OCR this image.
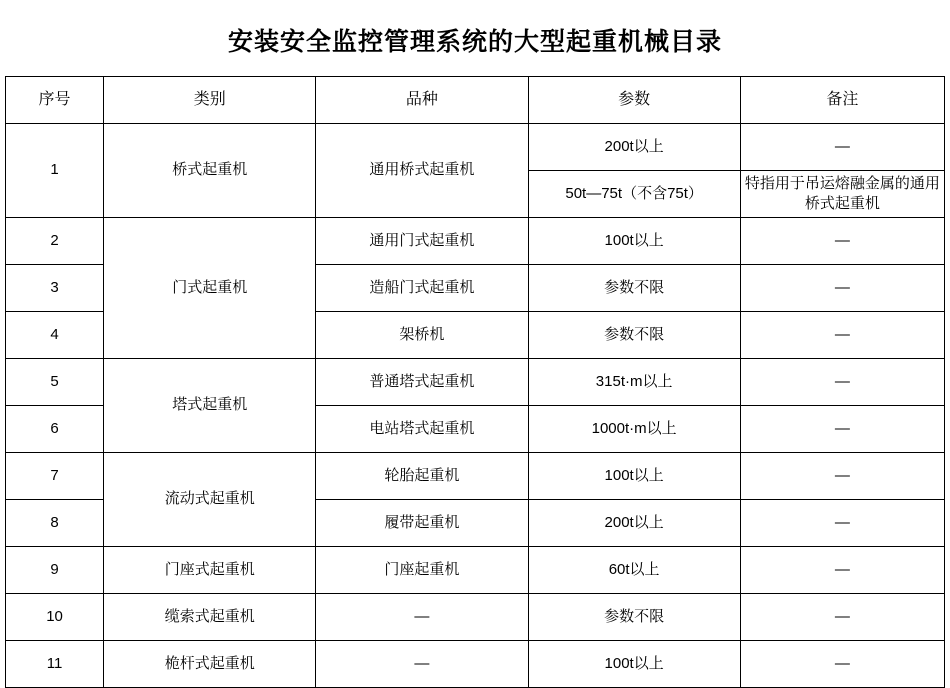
安装安全监控管理系统的大型起重机械目录
序号	类别	品种	参数	备注
1	桥式起重机	通用桥式起重机	200t以上	—
			50t—75t（不含75t）	特指用于吊运熔融金属的通用桥式起重机
2	门式起重机	通用门式起重机	100t以上	—
3		造船门式起重机	参数不限	—
4		架桥机	参数不限	—
5	塔式起重机	普通塔式起重机	315t·m以上	—
6		电站塔式起重机	1000t·m以上	—
7	流动式起重机	轮胎起重机	100t以上	—
8		履带起重机	200t以上	—
9	门座式起重机	门座起重机	60t以上	—
10	缆索式起重机	—	参数不限	—
11	桅杆式起重机	—	100t以上	—
